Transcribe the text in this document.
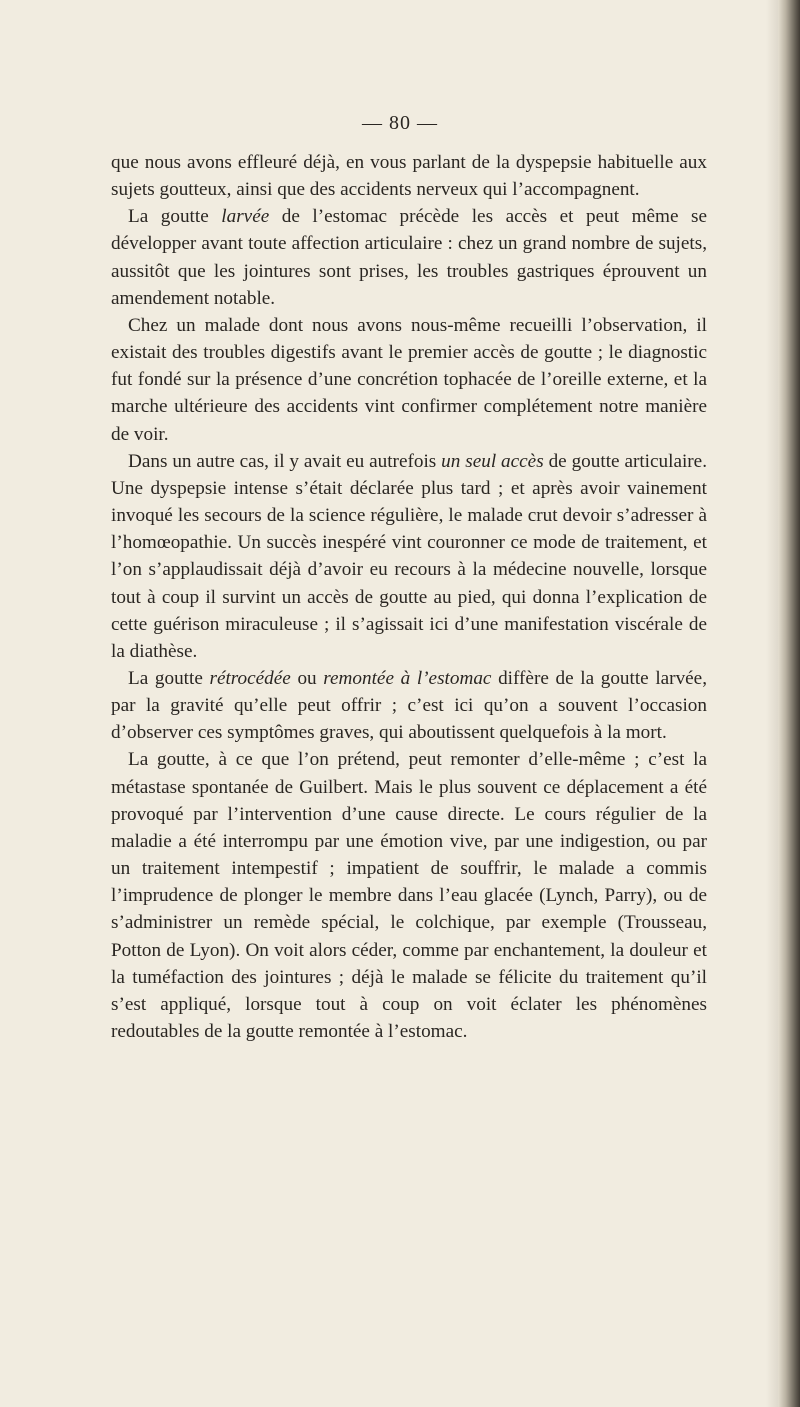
— 80 —

que nous avons effleuré déjà, en vous parlant de la dyspepsie habituelle aux sujets goutteux, ainsi que des accidents nerveux qui l’accompagnent.

La goutte larvée de l’estomac précède les accès et peut même se développer avant toute affection articulaire : chez un grand nombre de sujets, aussitôt que les jointures sont prises, les troubles gastriques éprouvent un amendement notable.

Chez un malade dont nous avons nous-même recueilli l’observation, il existait des troubles digestifs avant le premier accès de goutte ; le diagnostic fut fondé sur la présence d’une concrétion tophacée de l’oreille externe, et la marche ultérieure des accidents vint confirmer complétement notre manière de voir.

Dans un autre cas, il y avait eu autrefois un seul accès de goutte articulaire. Une dyspepsie intense s’était déclarée plus tard ; et après avoir vainement invoqué les secours de la science régulière, le malade crut devoir s’adresser à l’homœopathie. Un succès inespéré vint couronner ce mode de traitement, et l’on s’applaudissait déjà d’avoir eu recours à la médecine nouvelle, lorsque tout à coup il survint un accès de goutte au pied, qui donna l’explication de cette guérison miraculeuse ; il s’agissait ici d’une manifestation viscérale de la diathèse.

La goutte rétrocédée ou remontée à l’estomac diffère de la goutte larvée, par la gravité qu’elle peut offrir ; c’est ici qu’on a souvent l’occasion d’observer ces symptômes graves, qui aboutissent quelquefois à la mort.

La goutte, à ce que l’on prétend, peut remonter d’elle-même ; c’est la métastase spontanée de Guilbert. Mais le plus souvent ce déplacement a été provoqué par l’intervention d’une cause directe. Le cours régulier de la maladie a été interrompu par une émotion vive, par une indigestion, ou par un traitement intempestif ; impatient de souffrir, le malade a commis l’imprudence de plonger le membre dans l’eau glacée (Lynch, Parry), ou de s’administrer un remède spécial, le colchique, par exemple (Trousseau, Potton de Lyon). On voit alors céder, comme par enchantement, la douleur et la tuméfaction des jointures ; déjà le malade se félicite du traitement qu’il s’est appliqué, lorsque tout à coup on voit éclater les phénomènes redoutables de la goutte remontée à l’estomac.
